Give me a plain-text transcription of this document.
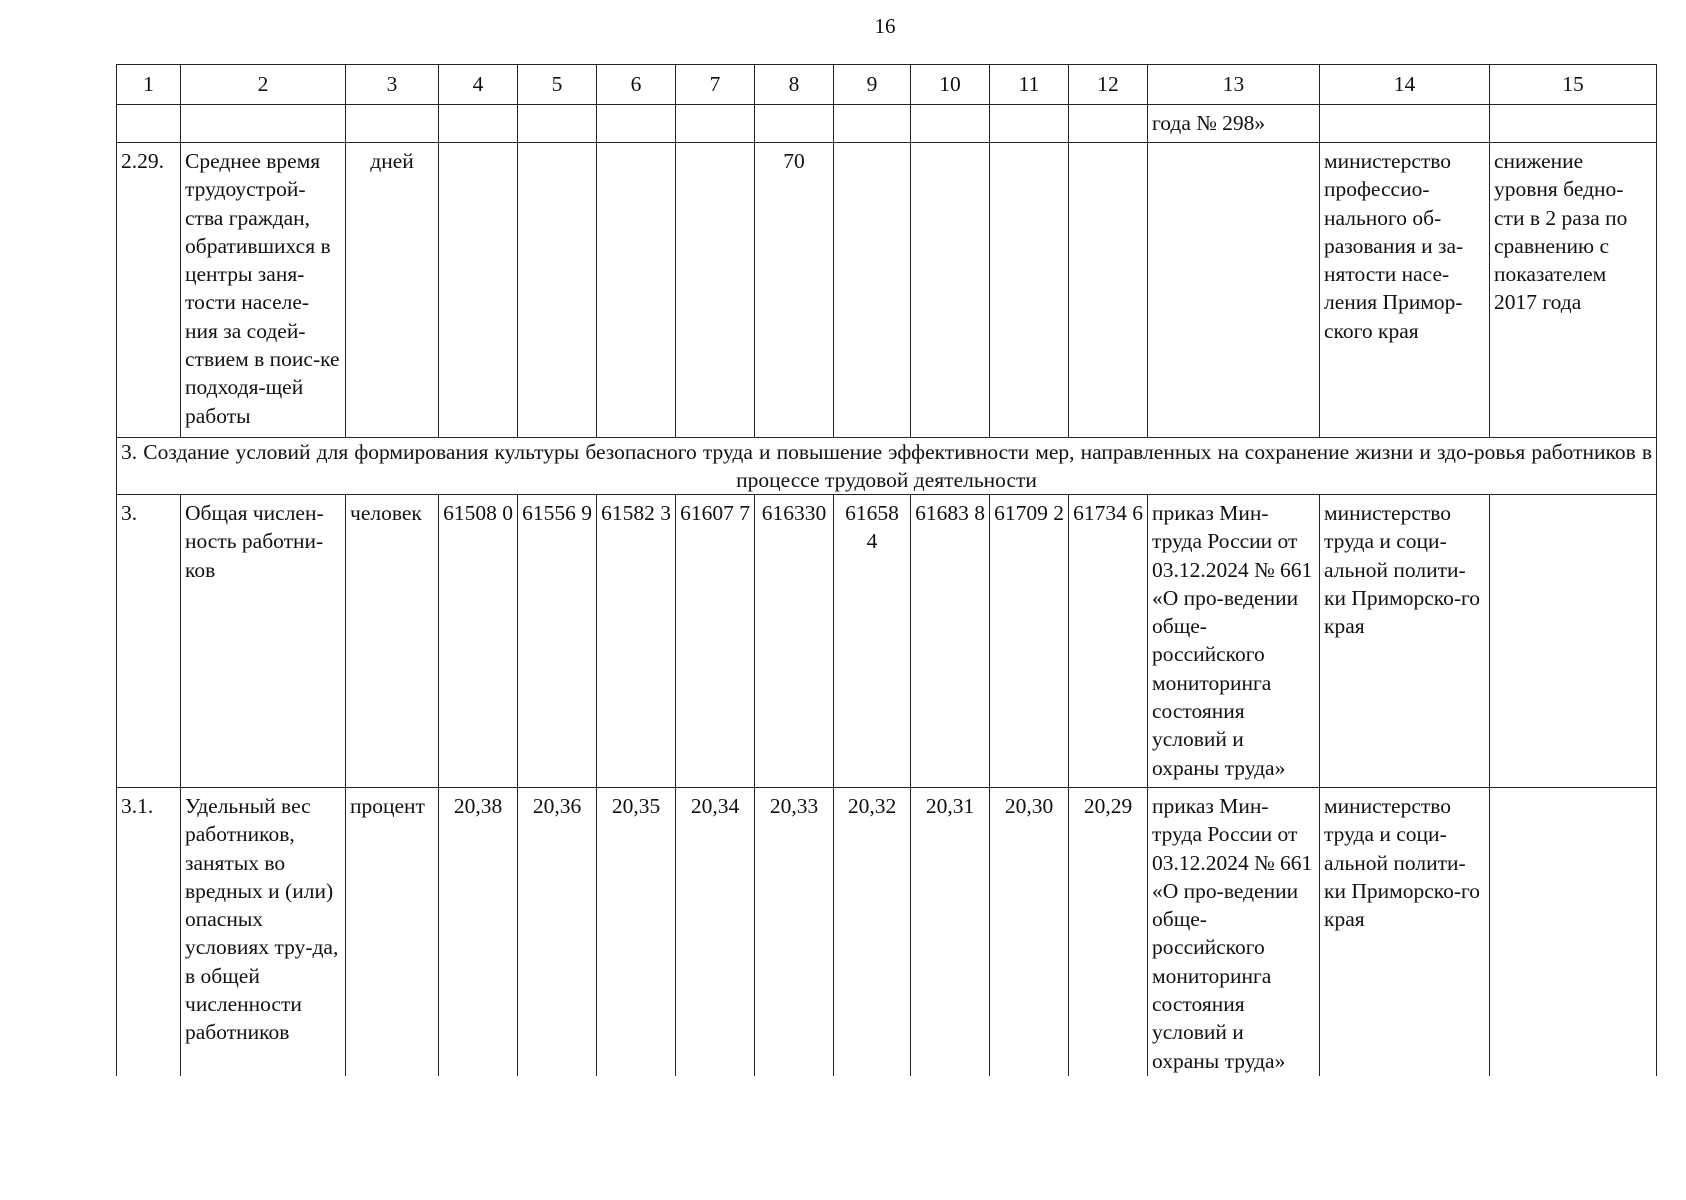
16
1	2	3	4	5	6	7	8	9	10	11	12	13	14	15
												года № 298»		
2.29.	Среднее время трудоустрой-ства граждан, обратившихся в центры заня-тости населе-ния за содей-ствием в поис-ке подходя-щей работы	дней					70						министерство профессио-нального об-разования и за-нятости насе-ления Примор-ского края	снижение уровня бедно-сти в 2 раза по сравнению с показателем 2017 года

3. Создание условий для формирования культуры безопасного труда и повышение эффективности мер, направленных на сохранение жизни и здо-ровья работников в процессе трудовой деятельности														

3.	Общая числен-ность работни-ков	человек	61508 0	61556 9	61582 3	61607 7	616330	61658 4	61683 8	61709 2	61734 6	приказ Мин-труда России от 03.12.2024 № 661 «О про-ведении обще-российского мониторинга состояния условий и охраны труда»	министерство труда и соци-альной полити-ки Приморско-го края	
3.1.	Удельный вес работников, занятых во вредных и (или) опасных условиях тру-да, в общей численности работников	процент	20,38	20,36	20,35	20,34	20,33	20,32	20,31	20,30	20,29	приказ Мин-труда России от 03.12.2024 № 661 «О про-ведении обще-российского мониторинга состояния условий и охраны труда»	министерство труда и соци-альной полити-ки Приморско-го края	
